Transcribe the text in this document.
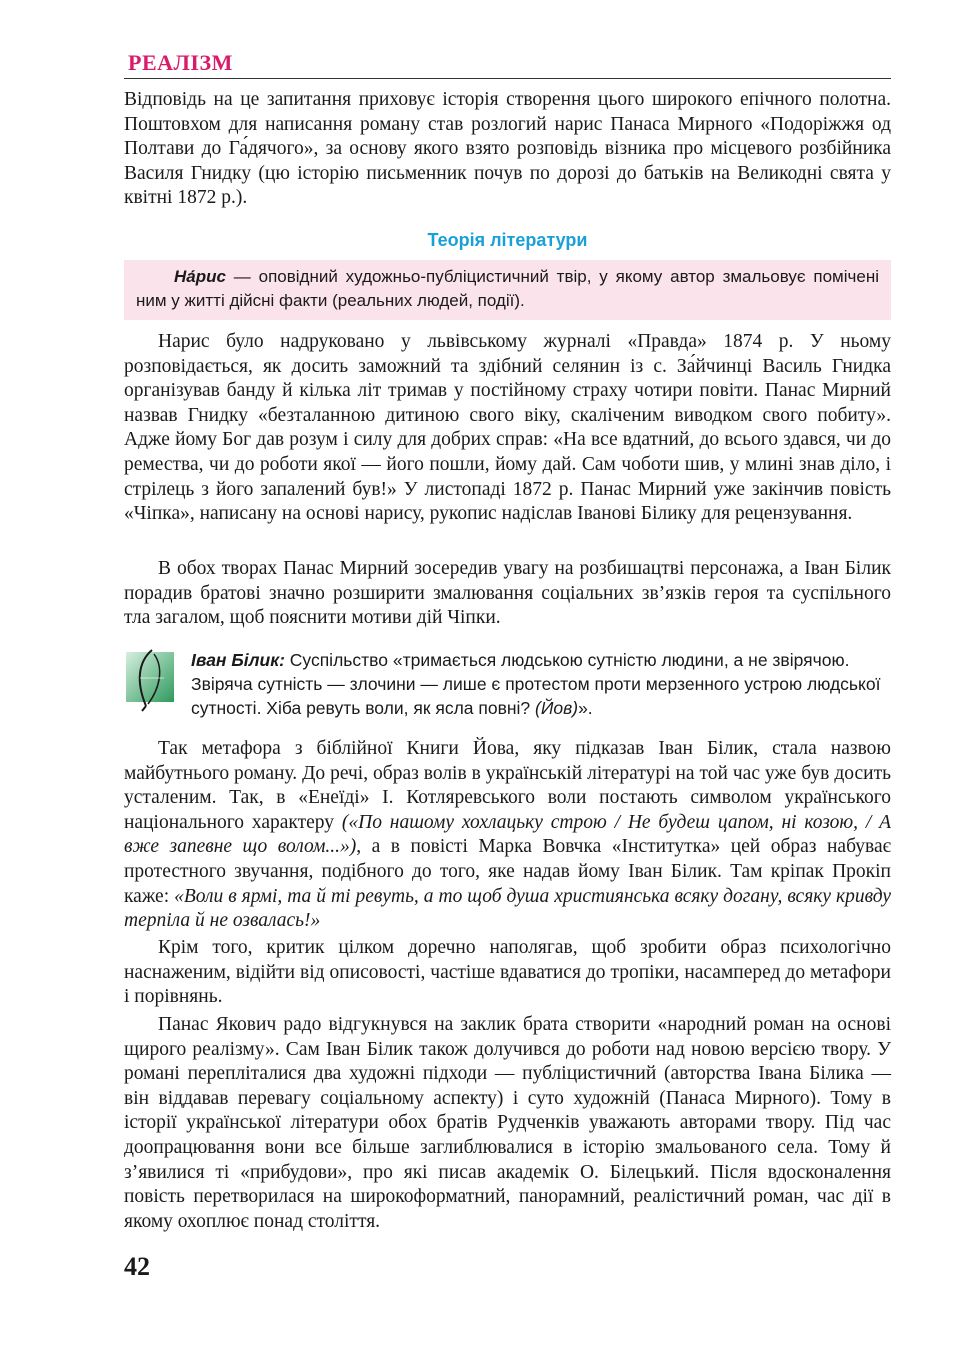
РЕАЛІЗМ

Відповідь на це запитання приховує історія створення цього широкого епічного полотна. Поштовхом для написання роману став розлогий нарис Панаса Мирного «Подоріжжя од Полтави до Га́дячого», за основу якого взято розповідь візника про місцевого розбійника Василя Гнидку (цю історію письменник почув по дорозі до батьків на Великодні свята у квітні 1872 р.).

Теорія літератури
На́рис — оповідний художньо-публіцистичний твір, у якому автор змальовує помічені ним у житті дійсні факти (реальних людей, події).

Нарис було надруковано у львівському журналі «Правда» 1874 р. У ньому розповідається, як досить заможний та здібний селянин із с. За́йчинці Василь Гнидка організував банду й кілька літ тримав у постійному страху чотири повіти. Панас Мирний назвав Гнидку «безталанною дитиною свого віку, скаліченим виводком свого побиту». Адже йому Бог дав розум і силу для добрих справ: «На все вдатний, до всього здався, чи до ремества, чи до роботи якої — його пошли, йому дай. Сам чоботи шив, у млині знав діло, і стрілець з його запалений був!» У листопаді 1872 р. Панас Мирний уже закінчив повість «Чіпка», написану на основі нарису, рукопис надіслав Іванові Білику для рецензування.

В обох творах Панас Мирний зосередив увагу на розбишацтві персонажа, а Іван Білик порадив братові значно розширити змалювання соціальних зв’язків героя та суспільного тла загалом, щоб пояснити мотиви дій Чіпки.

Іван Білик: Суспільство «тримається людською сутністю людини, а не звірячою. Звіряча сутність — злочини — лише є протестом проти мерзенного устрою людської сутності. Хіба ревуть воли, як ясла повні? (Йов)».

Так метафора з біблійної Книги Йова, яку підказав Іван Білик, стала назвою майбутнього роману. До речі, образ волів в українській літературі на той час уже був досить усталеним. Так, в «Енеїді» І. Котляревського воли постають символом українського національного характеру («По нашому хохлацьку строю / Не будеш цапом, ні козою, / А вже запевне що волом...»), а в повісті Марка Вовчка «Інститутка» цей образ набуває протестного звучання, подібного до того, яке надав йому Іван Білик. Там кріпак Прокіп каже: «Воли в ярмі, та й ті ревуть, а то щоб душа християнська всяку догану, всяку кривду терпіла й не озвалась!»

Крім того, критик цілком доречно наполягав, щоб зробити образ психологічно наснаженим, відійти від описовості, частіше вдаватися до тропіки, насамперед до метафори і порівнянь.

Панас Якович радо відгукнувся на заклик брата створити «народний роман на основі щирого реалізму». Сам Іван Білик також долучився до роботи над новою версією твору. У романі перепліталися два художні підходи — публіцистичний (авторства Івана Білика — він віддавав перевагу соціальному аспекту) і суто художній (Панаса Мирного). Тому в історії української літератури обох братів Рудченків уважають авторами твору. Під час доопрацювання вони все більше заглиблювалися в історію змальованого села. Тому й з’явилися ті «прибудови», про які писав академік О. Білецький. Після вдосконалення повість перетворилася на широкоформатний, панорамний, реалістичний роман, час дії в якому охоплює понад століття.

42
